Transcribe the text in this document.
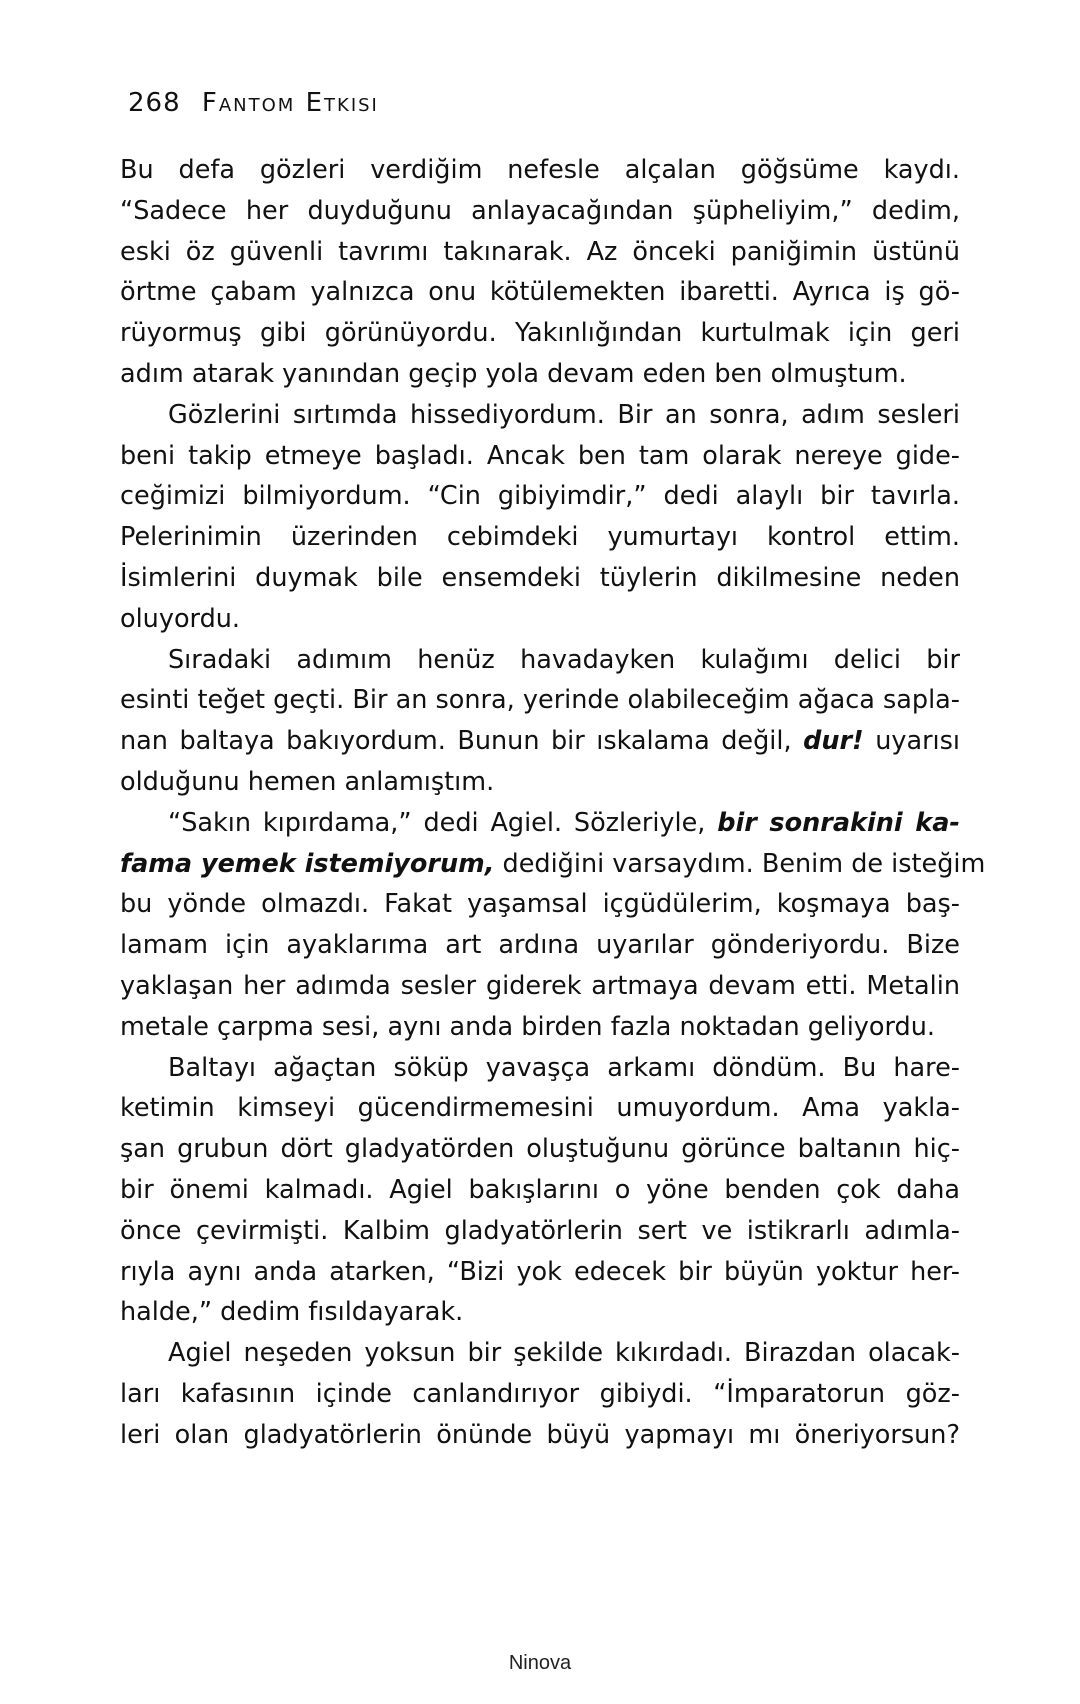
268 Fantom Etkisi
Bu defa gözleri verdiğim nefesle alçalan göğsüme kaydı.
“Sadece her duyduğunu anlayacağından şüpheliyim,” dedim,
eski öz güvenli tavrımı takınarak. Az önceki paniğimin üstünü
örtme çabam yalnızca onu kötülemekten ibaretti. Ayrıca iş gö-
rüyormuş gibi görünüyordu. Yakınlığından kurtulmak için geri
adım atarak yanından geçip yola devam eden ben olmuştum.
Gözlerini sırtımda hissediyordum. Bir an sonra, adım sesleri
beni takip etmeye başladı. Ancak ben tam olarak nereye gide-
ceğimizi bilmiyordum. “Cin gibiyimdir,” dedi alaylı bir tavırla.
Pelerinimin üzerinden cebimdeki yumurtayı kontrol ettim.
İsimlerini duymak bile ensemdeki tüylerin dikilmesine neden
oluyordu.
Sıradaki adımım henüz havadayken kulağımı delici bir
esinti teğet geçti. Bir an sonra, yerinde olabileceğim ağaca sapla-
nan baltaya bakıyordum. Bunun bir ıskalama değil, dur! uyarısı
olduğunu hemen anlamıştım.
“Sakın kıpırdama,” dedi Agiel. Sözleriyle, bir sonrakini ka-
fama yemek istemiyorum, dediğini varsaydım. Benim de isteğim
bu yönde olmazdı. Fakat yaşamsal içgüdülerim, koşmaya baş-
lamam için ayaklarıma art ardına uyarılar gönderiyordu. Bize
yaklaşan her adımda sesler giderek artmaya devam etti. Metalin
metale çarpma sesi, aynı anda birden fazla noktadan geliyordu.
Baltayı ağaçtan söküp yavaşça arkamı döndüm. Bu hare-
ketimin kimseyi gücendirmemesini umuyordum. Ama yakla-
şan grubun dört gladyatörden oluştuğunu görünce baltanın hiç-
bir önemi kalmadı. Agiel bakışlarını o yöne benden çok daha
önce çevirmişti. Kalbim gladyatörlerin sert ve istikrarlı adımla-
rıyla aynı anda atarken, “Bizi yok edecek bir büyün yoktur her-
halde,” dedim fısıldayarak.
Agiel neşeden yoksun bir şekilde kıkırdadı. Birazdan olacak-
ları kafasının içinde canlandırıyor gibiydi. “İmparatorun göz-
leri olan gladyatörlerin önünde büyü yapmayı mı öneriyorsun?
Ninova
